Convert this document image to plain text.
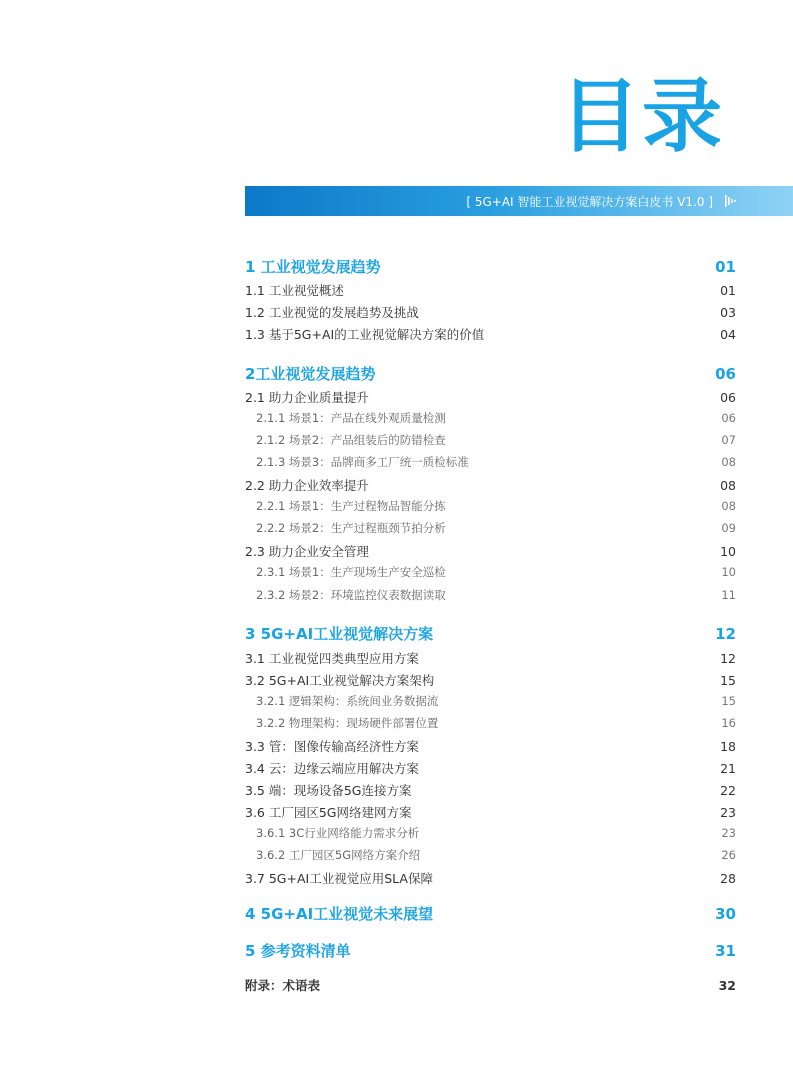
目录
[ 5G+AI 智能工业视觉解决方案白皮书 V1.0 ]
1 工业视觉发展趋势	01
1.1 工业视觉概述	01
1.2 工业视觉的发展趋势及挑战	03
1.3 基于5G+AI的工业视觉解决方案的价值	04
2工业视觉发展趋势	06
2.1 助力企业质量提升	06
2.1.1 场景1：产品在线外观质量检测	06
2.1.2 场景2：产品组装后的防错检查	07
2.1.3 场景3：品牌商多工厂统一质检标准	08
2.2 助力企业效率提升	08
2.2.1 场景1：生产过程物品智能分拣	08
2.2.2 场景2：生产过程瓶颈节拍分析	09
2.3 助力企业安全管理	10
2.3.1 场景1：生产现场生产安全巡检	10
2.3.2 场景2：环境监控仪表数据读取	11
3 5G+AI工业视觉解决方案	12
3.1 工业视觉四类典型应用方案	12
3.2 5G+AI工业视觉解决方案架构	15
3.2.1 逻辑架构：系统间业务数据流	15
3.2.2 物理架构：现场硬件部署位置	16
3.3 管：图像传输高经济性方案	18
3.4 云：边缘云端应用解决方案	21
3.5 端：现场设备5G连接方案	22
3.6 工厂园区5G网络建网方案	23
3.6.1 3C行业网络能力需求分析	23
3.6.2 工厂园区5G网络方案介绍	26
3.7 5G+AI工业视觉应用SLA保障	28
4 5G+AI工业视觉未来展望	30
5 参考资料清单	31
附录：术语表	32
